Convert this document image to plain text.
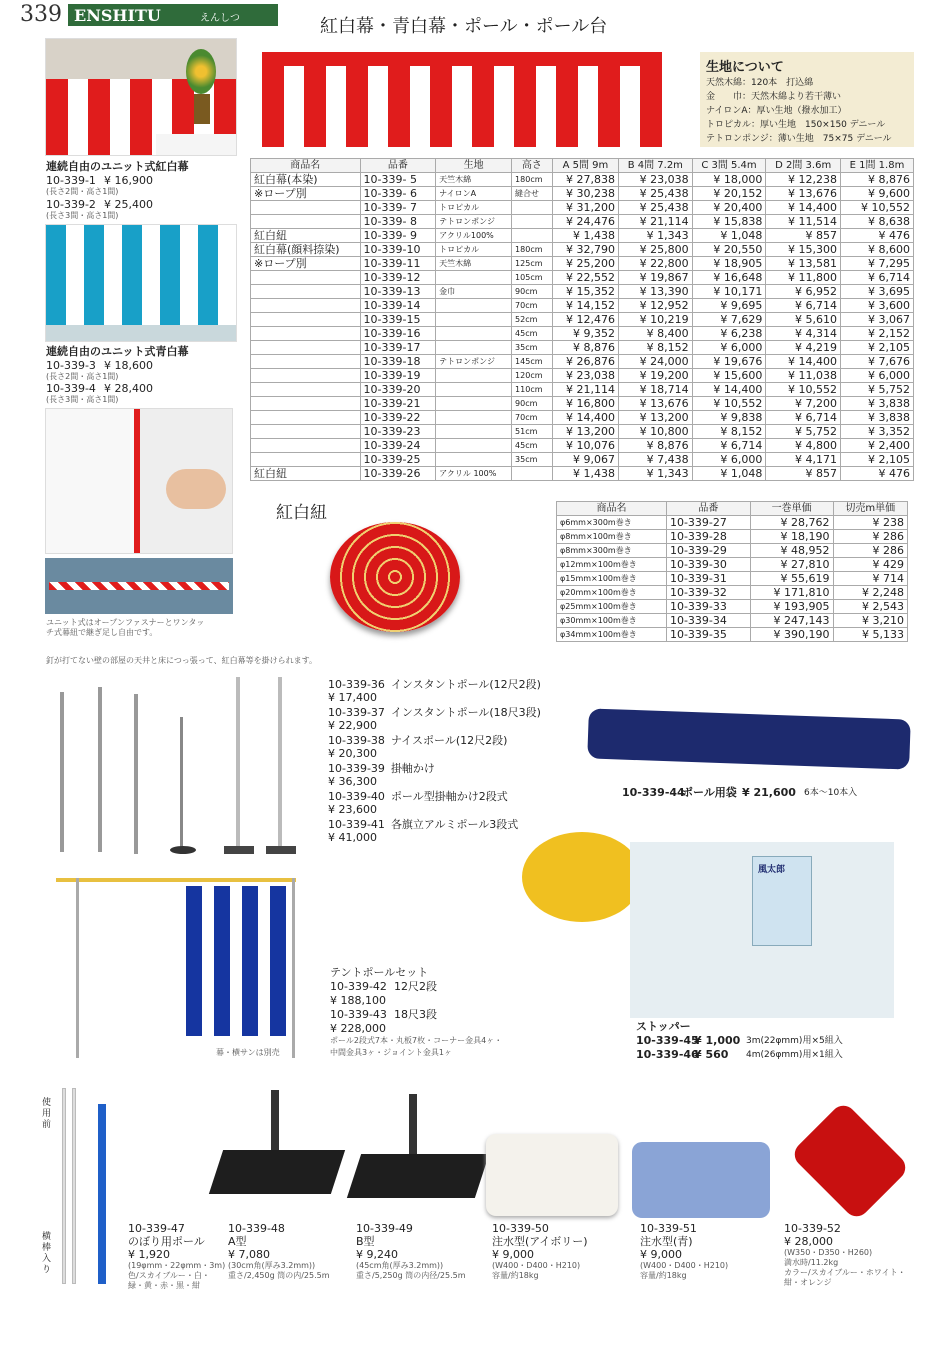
339 ENSHITU	えんしつ	紅白幕・青白幕・ポール・ポール台
連続自由のユニット式紅白幕
10-339-1 ¥ 16,900
(長さ2間・高さ1間)
10-339-2 ¥ 25,400
(長さ3間・高さ1間)
連続自由のユニット式青白幕
10-339-3 ¥ 18,600
(長さ2間・高さ1間)
10-339-4 ¥ 28,400
(長さ3間・高さ1間)
ユニット式はオープンファスナーとワンタッチ式幕紐で継ぎ足し自由です。
生地について
天然木綿：120本　打込綿
金　　巾：天然木綿より若干薄い
ナイロンA：厚い生地（撥水加工）
トロピカル：厚い生地　150×150 デニール
テトロンポンジ：薄い生地　75×75 デニール
商品名	品番	生地	高さ	A 5間 9m	B 4間 7.2m	C 3間 5.4m	D 2間 3.6m	E 1間 1.8m
紅白幕(本染)	10-339- 5	天竺木綿	180cm	¥ 27,838	¥ 23,038	¥ 18,000	¥ 12,238	¥ 8,876
※ロープ別	10-339- 6	ナイロンA	縫合せ	¥ 30,238	¥ 25,438	¥ 20,152	¥ 13,676	¥ 9,600
	10-339- 7	トロピカル		¥ 31,200	¥ 25,438	¥ 20,400	¥ 14,400	¥ 10,552
	10-339- 8	テトロンポンジ		¥ 24,476	¥ 21,114	¥ 15,838	¥ 11,514	¥ 8,638
紅白紐	10-339- 9	アクリル100%		¥ 1,438	¥ 1,343	¥ 1,048	¥ 857	¥ 476
紅白幕(顔料捺染)	10-339-10	トロピカル	180cm	¥ 32,790	¥ 25,800	¥ 20,550	¥ 15,300	¥ 8,600
※ロープ別	10-339-11	天竺木綿	125cm	¥ 25,200	¥ 22,800	¥ 18,905	¥ 13,581	¥ 7,295
	10-339-12		105cm	¥ 22,552	¥ 19,867	¥ 16,648	¥ 11,800	¥ 6,714
	10-339-13	金巾	90cm	¥ 15,352	¥ 13,390	¥ 10,171	¥ 6,952	¥ 3,695
	10-339-14		70cm	¥ 14,152	¥ 12,952	¥ 9,695	¥ 6,714	¥ 3,600
	10-339-15		52cm	¥ 12,476	¥ 10,219	¥ 7,629	¥ 5,610	¥ 3,067
	10-339-16		45cm	¥ 9,352	¥ 8,400	¥ 6,238	¥ 4,314	¥ 2,152
	10-339-17		35cm	¥ 8,876	¥ 8,152	¥ 6,000	¥ 4,219	¥ 2,105
	10-339-18	テトロンポンジ	145cm	¥ 26,876	¥ 24,000	¥ 19,676	¥ 14,400	¥ 7,676
	10-339-19		120cm	¥ 23,038	¥ 19,200	¥ 15,600	¥ 11,038	¥ 6,000
	10-339-20		110cm	¥ 21,114	¥ 18,714	¥ 14,400	¥ 10,552	¥ 5,752
	10-339-21		90cm	¥ 16,800	¥ 13,676	¥ 10,552	¥ 7,200	¥ 3,838
	10-339-22		70cm	¥ 14,400	¥ 13,200	¥ 9,838	¥ 6,714	¥ 3,838
	10-339-23		51cm	¥ 13,200	¥ 10,800	¥ 8,152	¥ 5,752	¥ 3,352
	10-339-24		45cm	¥ 10,076	¥ 8,876	¥ 6,714	¥ 4,800	¥ 2,400
	10-339-25		35cm	¥ 9,067	¥ 7,438	¥ 6,000	¥ 4,171	¥ 2,105
紅白紐	10-339-26	アクリル 100%		¥ 1,438	¥ 1,343	¥ 1,048	¥ 857	¥ 476
紅白紐	商品名	品番	一巻単価	切売m単価
φ6mm×300m巻き	10-339-27	¥ 28,762	¥ 238
φ8mm×100m巻き	10-339-28	¥ 18,190	¥ 286
φ8mm×300m巻き	10-339-29	¥ 48,952	¥ 286
φ12mm×100m巻き	10-339-30	¥ 27,810	¥ 429
φ15mm×100m巻き	10-339-31	¥ 55,619	¥ 714
φ20mm×100m巻き	10-339-32	¥ 171,810	¥ 2,248
φ25mm×100m巻き	10-339-33	¥ 193,905	¥ 2,543
φ30mm×100m巻き	10-339-34	¥ 247,143	¥ 3,210
φ34mm×100m巻き	10-339-35	¥ 390,190	¥ 5,133
釘が打てない壁の部屋の天井と床につっ張って、紅白幕等を掛けられます。
10-339-36 インスタントポール(12尺2段)
¥ 17,400
10-339-37 インスタントポール(18尺3段)
¥ 22,900
10-339-38 ナイスポール(12尺2段)
¥ 20,300
10-339-39 掛軸かけ
¥ 36,300
10-339-40 ポール型掛軸かけ2段式
¥ 23,600
10-339-41 各旗立アルミポール3段式
¥ 41,000
10-339-44
ポール用袋 ¥ 21,600 6本～10本入
幕・横サンは別売
テントポールセット
10-339-42 12尺2段
¥ 188,100
10-339-43 18尺3段
¥ 228,000
ポール2段式7本・丸板7枚・コーナー金具4ヶ・
中間金具3ヶ・ジョイント金具1ヶ
風太郎
ストッパー
10-339-45
¥ 1,000 3m(22φmm)用×5組入
10-339-46
¥ 560 4m(26φmm)用×1組入
使用前
横棒入り
10-339-47
のぼり用ポール
¥ 1,920
(19φmm・22φmm・3m)
色/スカイブルー・白・
緑・黄・赤・黒・紺
10-339-48
A型
¥ 7,080
(30cm角(厚み3.2mm))
重さ/2,450g 筒の内/25.5m
10-339-49
B型
¥ 9,240
(45cm角(厚み3.2mm))
重さ/5,250g 筒の内径/25.5m
10-339-50
注水型(アイボリー)
¥ 9,000
(W400・D400・H210)
容量/約18kg
10-339-51
注水型(青)
¥ 9,000
(W400・D400・H210)
容量/約18kg
10-339-52
¥ 28,000
(W350・D350・H260)
満水時/11.2kg
カラー/スカイブルー・ホワイト・
紺・オレンジ
